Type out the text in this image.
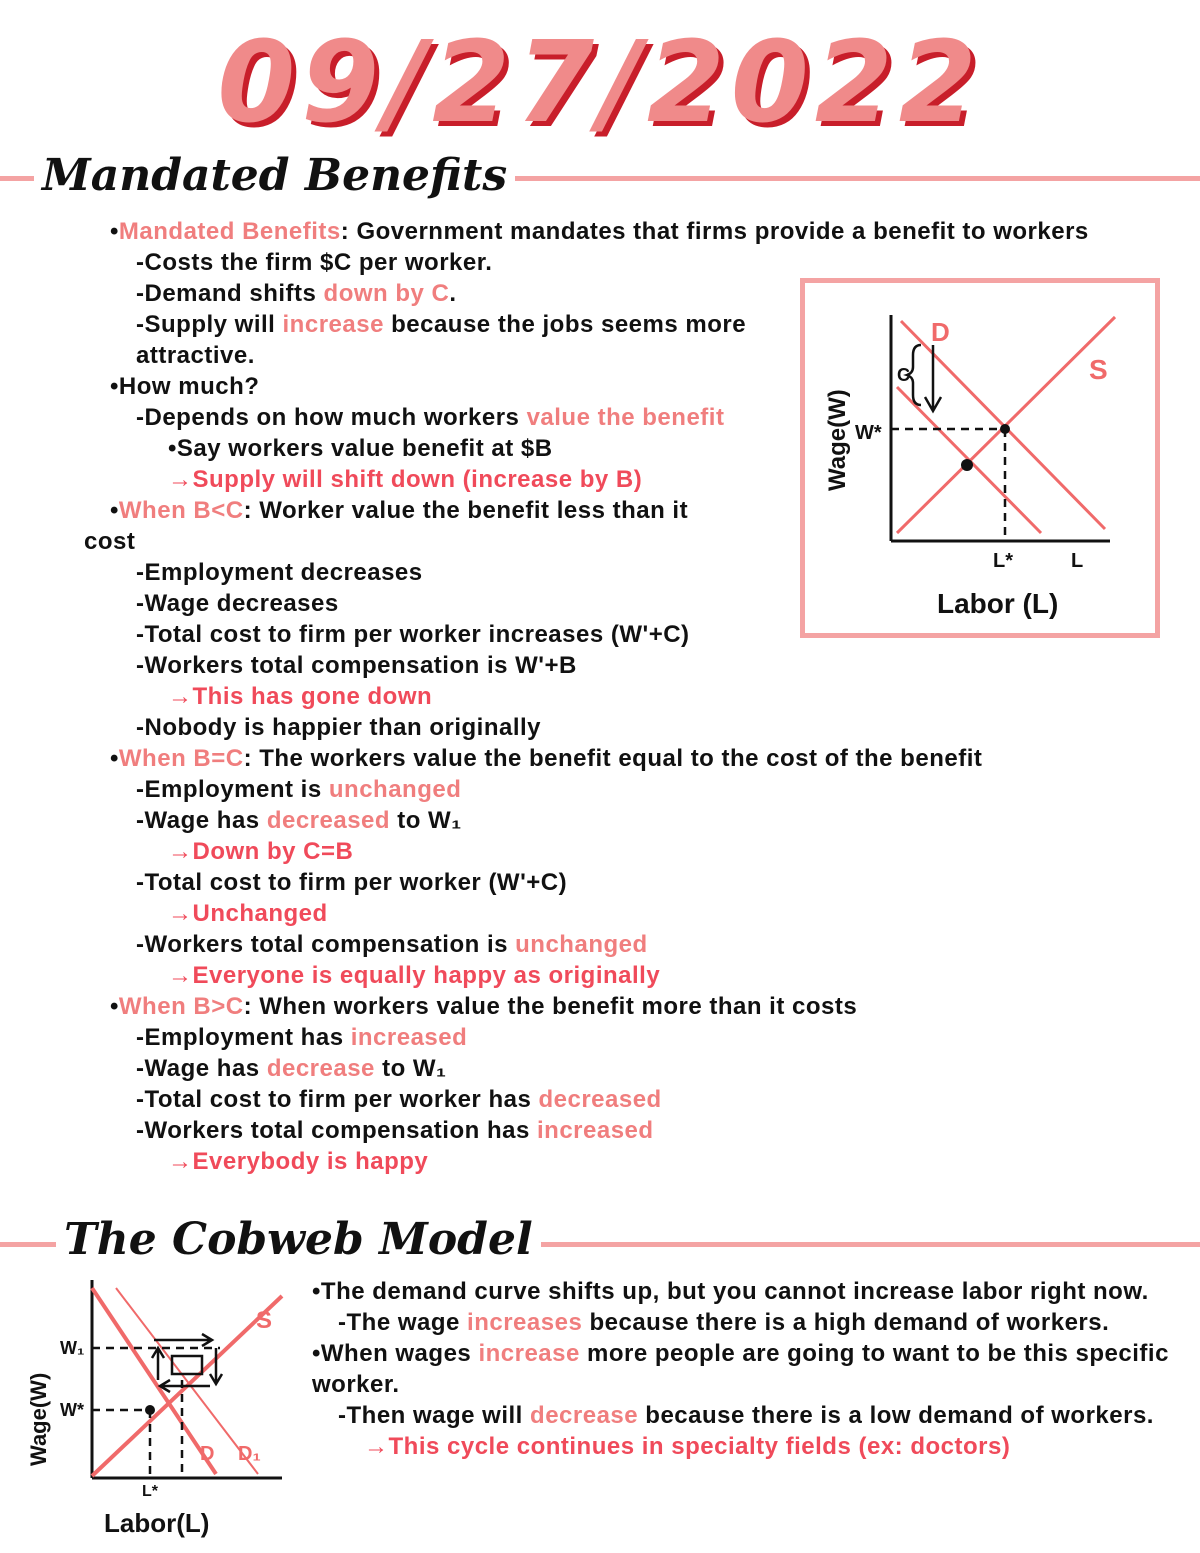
09/27/2022
Mandated Benefits
•Mandated Benefits: Government mandates that firms provide a benefit to workers
-Costs the firm $C per worker.
-Demand shifts down by C.
-Supply will increase because the jobs seems more
attractive.
•How much?
-Depends on how much workers value the benefit
•Say workers value benefit at $B
→Supply will shift down (increase by B)
•When B<C: Worker value the benefit less than it
cost
-Employment decreases
-Wage decreases
-Total cost to firm per worker increases (W'+C)
-Workers total compensation is W'+B
→This has gone down
-Nobody is happier than originally
•When B=C: The workers value the benefit equal to the cost of the benefit
-Employment is unchanged
-Wage has decreased to W₁
→Down by C=B
-Total cost to firm per worker (W'+C)
→Unchanged
-Workers total compensation is unchanged
→Everyone is equally happy as originally
•When B>C: When workers value the benefit more than it costs
-Employment has increased
-Wage has decrease to W₁
-Total cost to firm per worker has decreased
-Workers total compensation has increased
→Everybody is happy
D
S
C
W*
L*	L
Wage(W)
Labor (L)
The Cobweb Model
S
D D₁
W₁
W*
L*
Wage(W)
Labor(L)
•The demand curve shifts up, but you cannot increase labor right now.
-The wage increases because there is a high demand of workers.
•When wages increase more people are going to want to be this specific worker.
-Then wage will decrease because there is a low demand of workers.
→This cycle continues in specialty fields (ex: doctors)
